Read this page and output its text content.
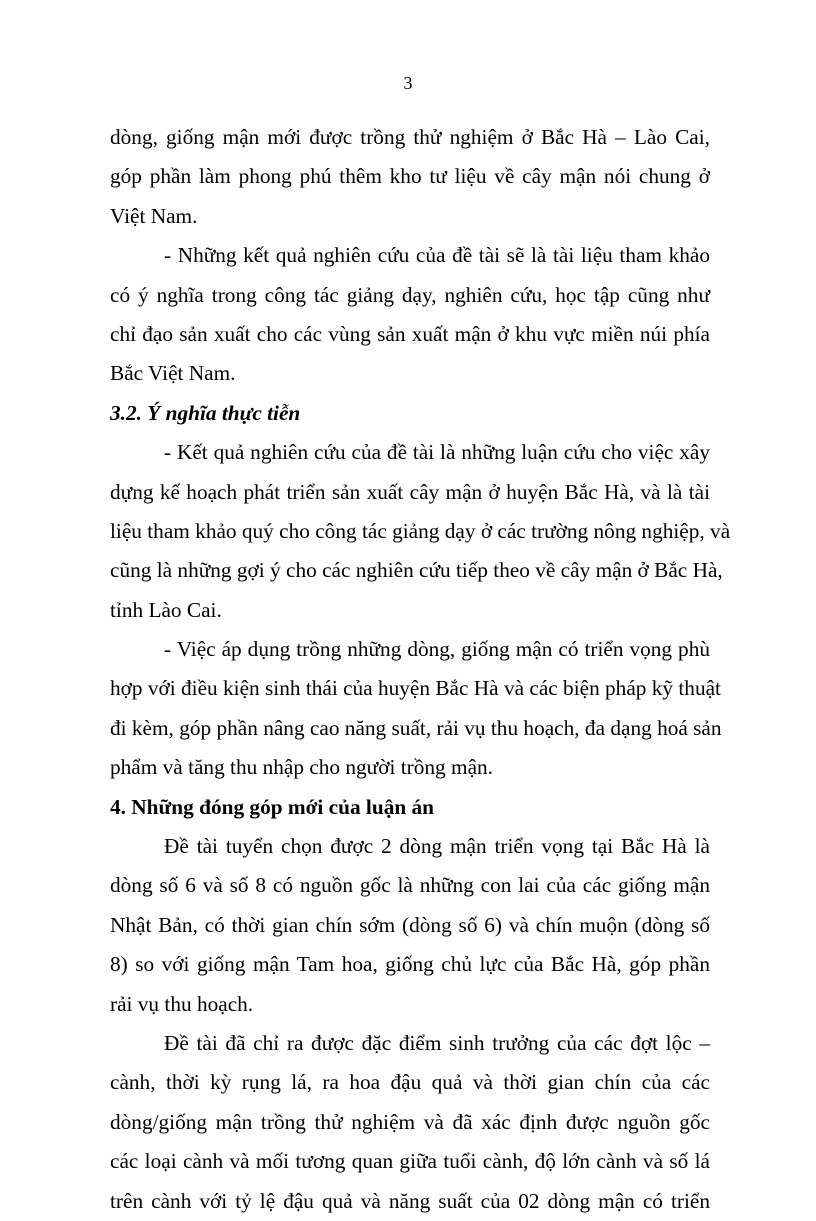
3
dòng, giống mận mới được trồng thử nghiệm ở Bắc Hà – Lào Cai,
góp phần làm phong phú thêm kho tư liệu về cây mận nói chung ở
Việt Nam.
- Những kết quả nghiên cứu của đề tài sẽ là tài liệu tham khảo
có ý nghĩa trong công tác giảng dạy, nghiên cứu, học tập cũng như
chỉ đạo sản xuất cho các vùng sản xuất mận ở khu vực miền núi phía
Bắc Việt Nam.
3.2. Ý nghĩa thực tiễn
- Kết quả nghiên cứu của đề tài là những luận cứu cho việc xây
dựng kế hoạch phát triển sản xuất cây mận ở huyện Bắc Hà, và là tài
liệu tham khảo quý cho công tác giảng dạy ở các trường nông nghiệp, và
cũng là những gợi ý cho các nghiên cứu tiếp theo về cây mận ở Bắc Hà,
tỉnh Lào Cai.
- Việc áp dụng trồng những dòng, giống mận có triển vọng phù
hợp với điều kiện sinh thái của huyện Bắc Hà và các biện pháp kỹ thuật
đi kèm, góp phần nâng cao năng suất, rải vụ thu hoạch, đa dạng hoá sản
phẩm và tăng thu nhập cho người trồng mận.
4. Những đóng góp mới của luận án
Đề tài tuyển chọn được 2 dòng mận triển vọng tại Bắc Hà là
dòng số 6 và số 8 có nguồn gốc là những con lai của các giống mận
Nhật Bản, có thời gian chín sớm (dòng số 6) và chín muộn (dòng số
8) so với giống mận Tam hoa, giống chủ lực của Bắc Hà, góp phần
rải vụ thu hoạch.
Đề tài đã chỉ ra được đặc điểm sinh trưởng của các đợt lộc –
cành, thời kỳ rụng lá, ra hoa đậu quả và thời gian chín của các
dòng/giống mận trồng thử nghiệm và đã xác định được nguồn gốc
các loại cành và mối tương quan giữa tuổi cành, độ lớn cành và số lá
trên cành với tỷ lệ đậu quả và năng suất của 02 dòng mận có triển
